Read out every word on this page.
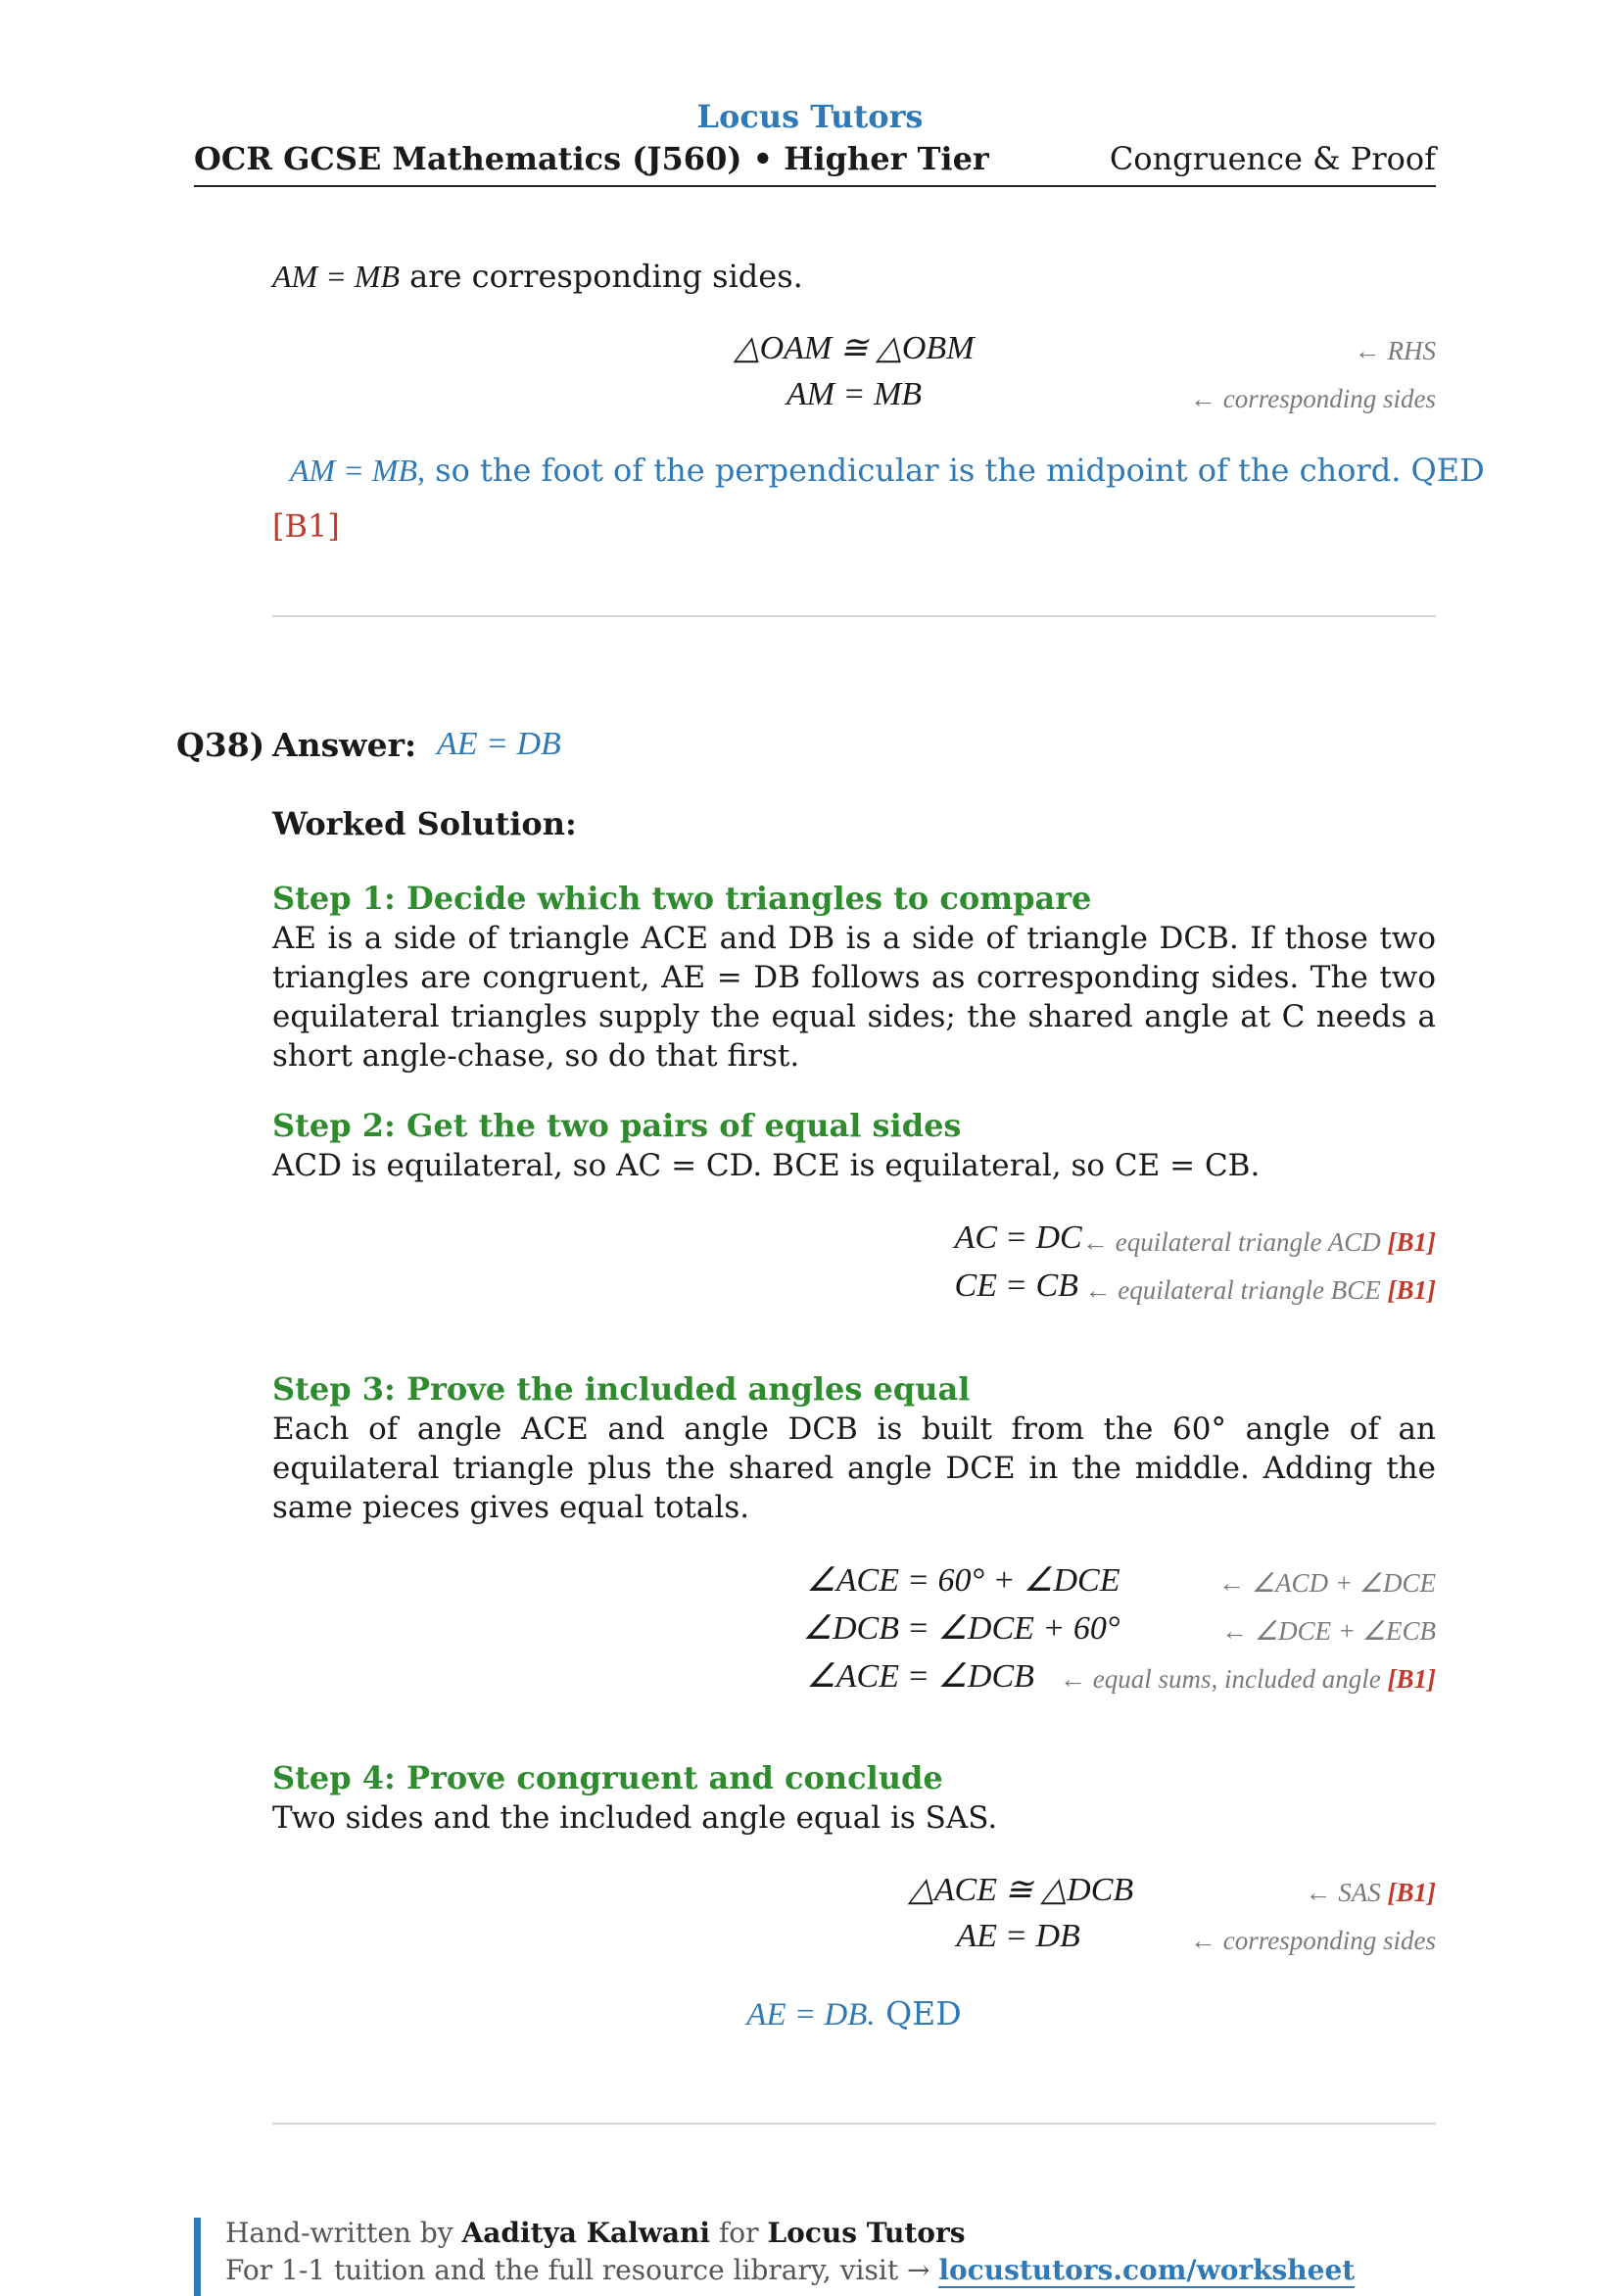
Locus Tutors
OCR GCSE Mathematics (J560) • Higher Tier	Congruence & Proof
AM = MB are corresponding sides.
△OAM ≅ △OBM	← RHS
AM = MB	← corresponding sides
AM = MB, so the foot of the perpendicular is the midpoint of the chord. QED
[B1]
Q38) Answer: AE = DB
Worked Solution:
Step 1: Decide which two triangles to compare
AE is a side of triangle ACE and DB is a side of triangle DCB. If those two triangles are congruent, AE = DB follows as corresponding sides. The two equilateral triangles supply the equal sides; the shared angle at C needs a short angle-chase, so do that first.
Step 2: Get the two pairs of equal sides
ACD is equilateral, so AC = CD. BCE is equilateral, so CE = CB.
AC = DC ← equilateral triangle ACD [B1]
CE = CB ← equilateral triangle BCE [B1]
Step 3: Prove the included angles equal
Each of angle ACE and angle DCB is built from the 60° angle of an equilateral triangle plus the shared angle DCE in the middle. Adding the same pieces gives equal totals.
∠ACE = 60° + ∠DCE	← ∠ACD + ∠DCE
∠DCB = ∠DCE + 60°	← ∠DCE + ∠ECB
∠ACE = ∠DCB ← equal sums, included angle [B1]
Step 4: Prove congruent and conclude
Two sides and the included angle equal is SAS.
△ACE ≅ △DCB	← SAS [B1]
AE = DB	← corresponding sides
AE = DB. QED
Hand-written by Aaditya Kalwani for Locus Tutors
For 1-1 tuition and the full resource library, visit → locustutors.com/worksheet
